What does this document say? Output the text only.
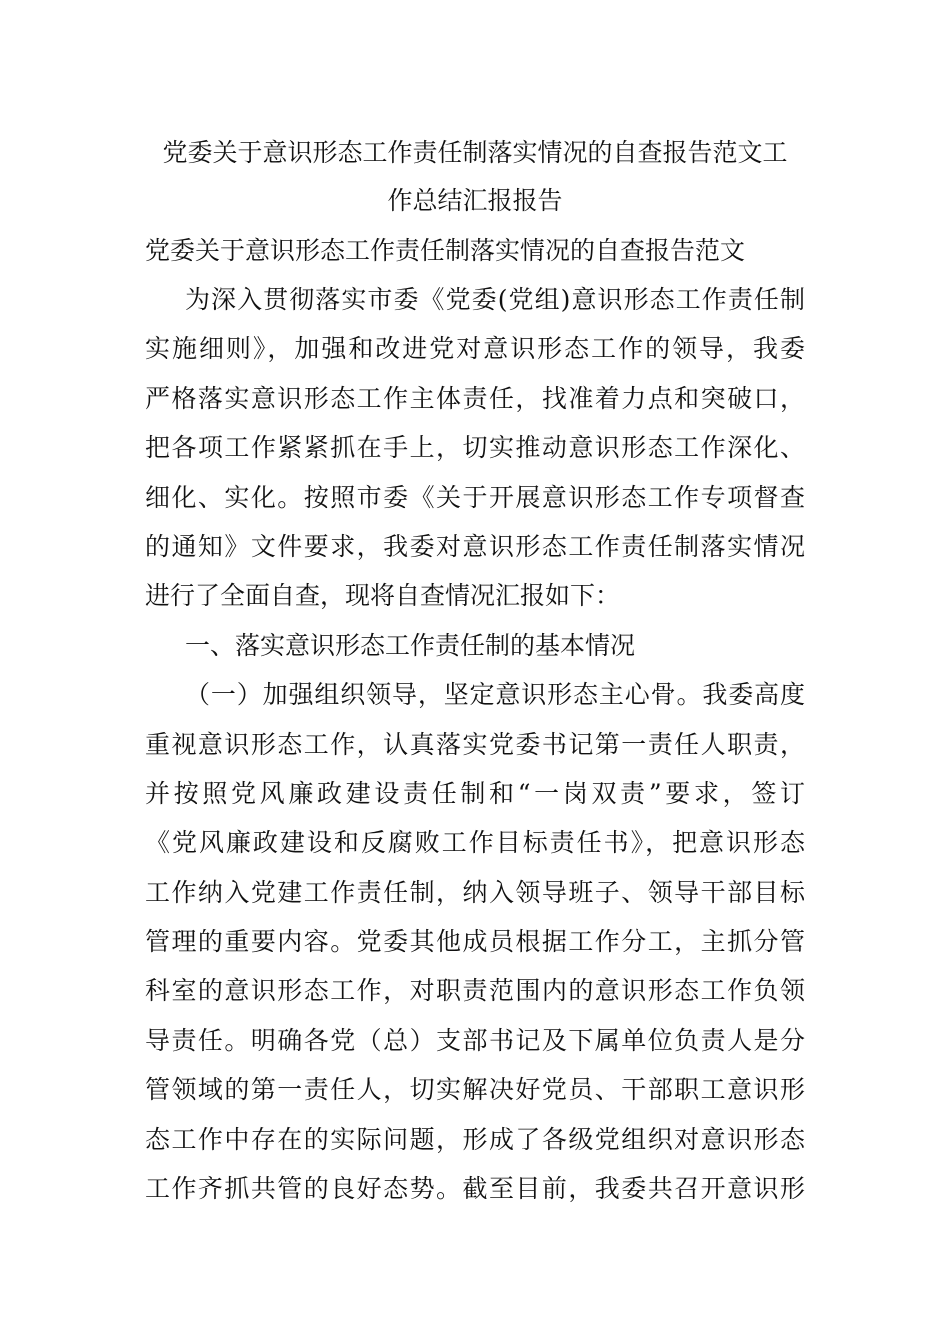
党委关于意识形态工作责任制落实情况的自查报告范文工
作总结汇报报告
党委关于意识形态工作责任制落实情况的自查报告范文
为深入贯彻落实市委《党委(党组)意识形态工作责任制
实施细则》，加强和改进党对意识形态工作的领导，我委
严格落实意识形态工作主体责任，找准着力点和突破口，
把各项工作紧紧抓在手上，切实推动意识形态工作深化、
细化、实化。按照市委《关于开展意识形态工作专项督查
的通知》文件要求，我委对意识形态工作责任制落实情况
进行了全面自查，现将自查情况汇报如下：
一、落实意识形态工作责任制的基本情况
（一）加强组织领导，坚定意识形态主心骨。我委高度
重视意识形态工作，认真落实党委书记第一责任人职责，
并按照党风廉政建设责任制和“一岗双责”要求，签订
《党风廉政建设和反腐败工作目标责任书》，把意识形态
工作纳入党建工作责任制，纳入领导班子、领导干部目标
管理的重要内容。党委其他成员根据工作分工，主抓分管
科室的意识形态工作，对职责范围内的意识形态工作负领
导责任。明确各党（总）支部书记及下属单位负责人是分
管领域的第一责任人，切实解决好党员、干部职工意识形
态工作中存在的实际问题，形成了各级党组织对意识形态
工作齐抓共管的良好态势。截至目前，我委共召开意识形
